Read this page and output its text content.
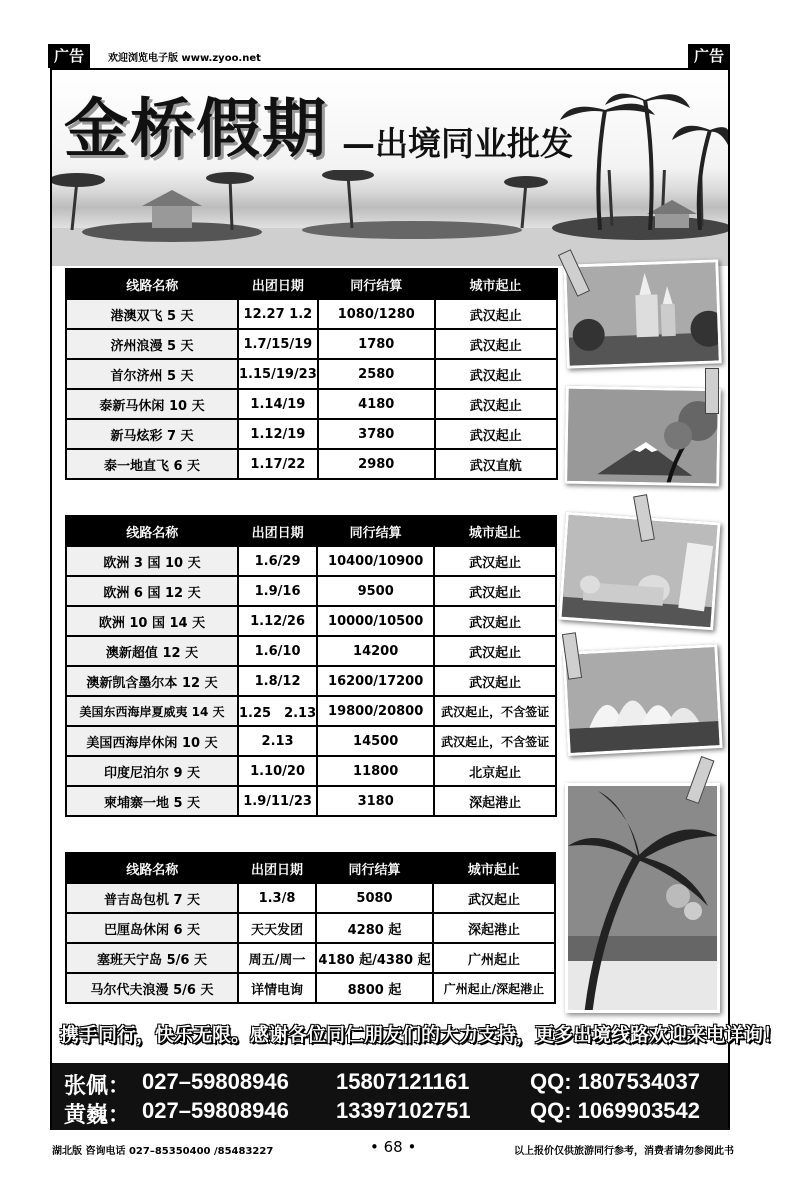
广告	欢迎浏览电子版 www.zyoo.net	广告
金桥假期 —出境同业批发
线路名称	出团日期	同行结算	城市起止
港澳双飞 5 天	12.27 1.2	1080/1280	武汉起止
济州浪漫 5 天	1.7/15/19	1780	武汉起止
首尔济州 5 天	1.15/19/23	2580	武汉起止
泰新马休闲 10 天	1.14/19	4180	武汉起止
新马炫彩 7 天	1.12/19	3780	武汉起止
泰一地直飞 6 天	1.17/22	2980	武汉直航
线路名称	出团日期	同行结算	城市起止
欧洲 3 国 10 天	1.6/29	10400/10900	武汉起止
欧洲 6 国 12 天	1.9/16	9500	武汉起止
欧洲 10 国 14 天	1.12/26	10000/10500	武汉起止
澳新超值 12 天	1.6/10	14200	武汉起止
澳新凯含墨尔本 12 天	1.8/12	16200/17200	武汉起止
美国东西海岸夏威夷 14 天	1.25　2.13	19800/20800	武汉起止，不含签证
美国西海岸休闲 10 天	2.13	14500	武汉起止，不含签证
印度尼泊尔 9 天	1.10/20	11800	北京起止
柬埔寨一地 5 天	1.9/11/23	3180	深起港止
线路名称	出团日期	同行结算	城市起止
普吉岛包机 7 天	1.3/8	5080	武汉起止
巴厘岛休闲 6 天	天天发团	4280 起	深起港止
塞班天宁岛 5/6 天	周五/周一	4180 起/4380 起	广州起止
马尔代夫浪漫 5/6 天	详情电询	8800 起	广州起止/深起港止
携手同行，快乐无限。感谢各位同仁朋友们的大力支持，更多出境线路欢迎来电详询！
张佩： 027–59808946 15807121161	QQ: 1807534037
黄巍： 027–59808946 13397102751	QQ: 1069903542
湖北版 咨询电话 027–85350400 /85483227	• 68 •	以上报价仅供旅游同行参考，消费者请勿参阅此书
